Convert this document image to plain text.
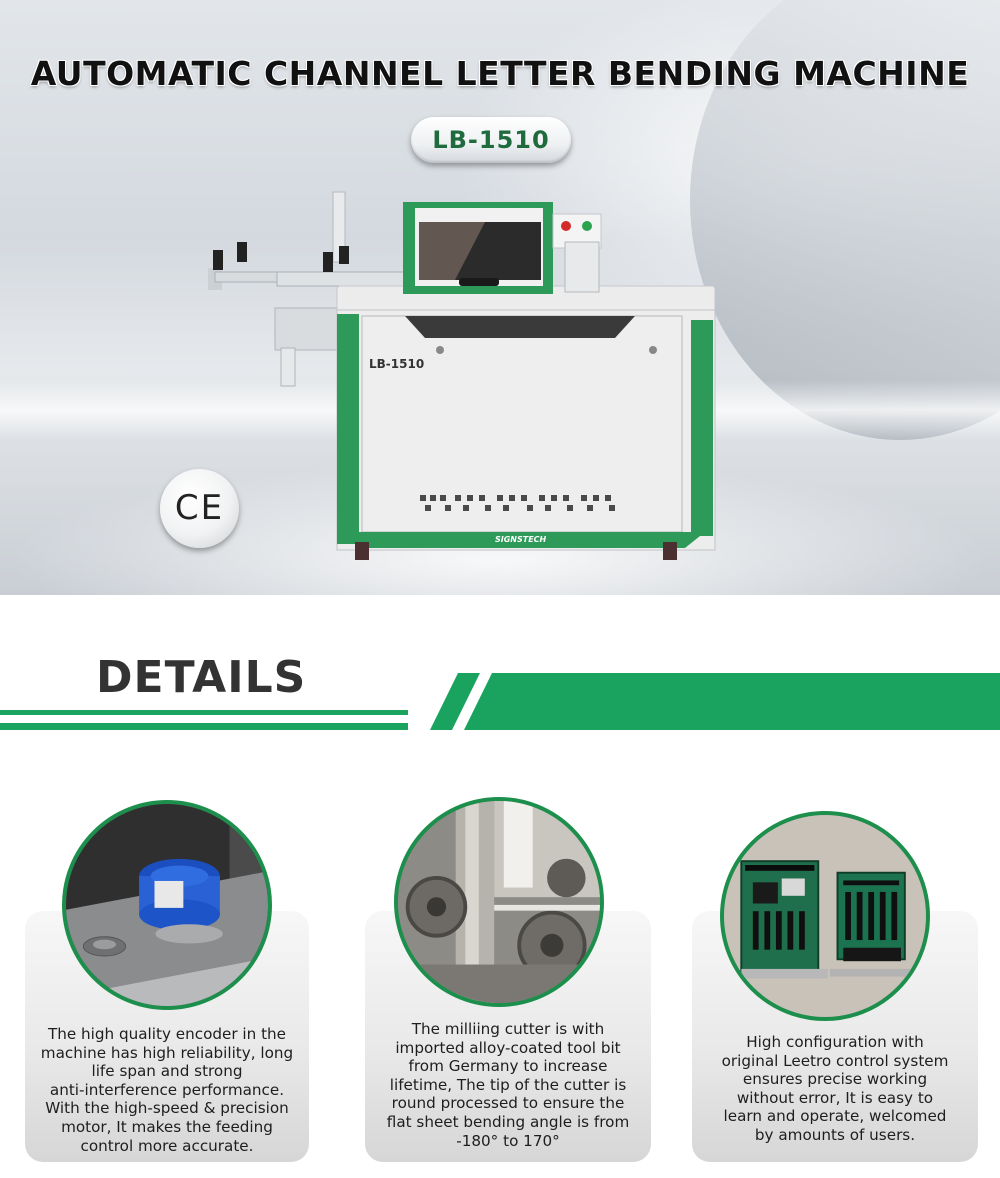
AUTOMATIC CHANNEL LETTER BENDING MACHINE
LB-1510
LB-1510
SIGNSTECH
CE
DETAILS
The high quality encoder in the
machine has high reliability, long
life span and strong
anti-interference performance.
With the high-speed & precision
motor, It makes the feeding
control more accurate.
The milliing cutter is with
imported alloy-coated tool bit
from Germany to increase
lifetime, The tip of the cutter is
round processed to ensure the
flat sheet bending angle is from
-180° to 170°
High configuration with
original Leetro control system
ensures precise working
without error, It is easy to
learn and operate, welcomed
by amounts of users.
